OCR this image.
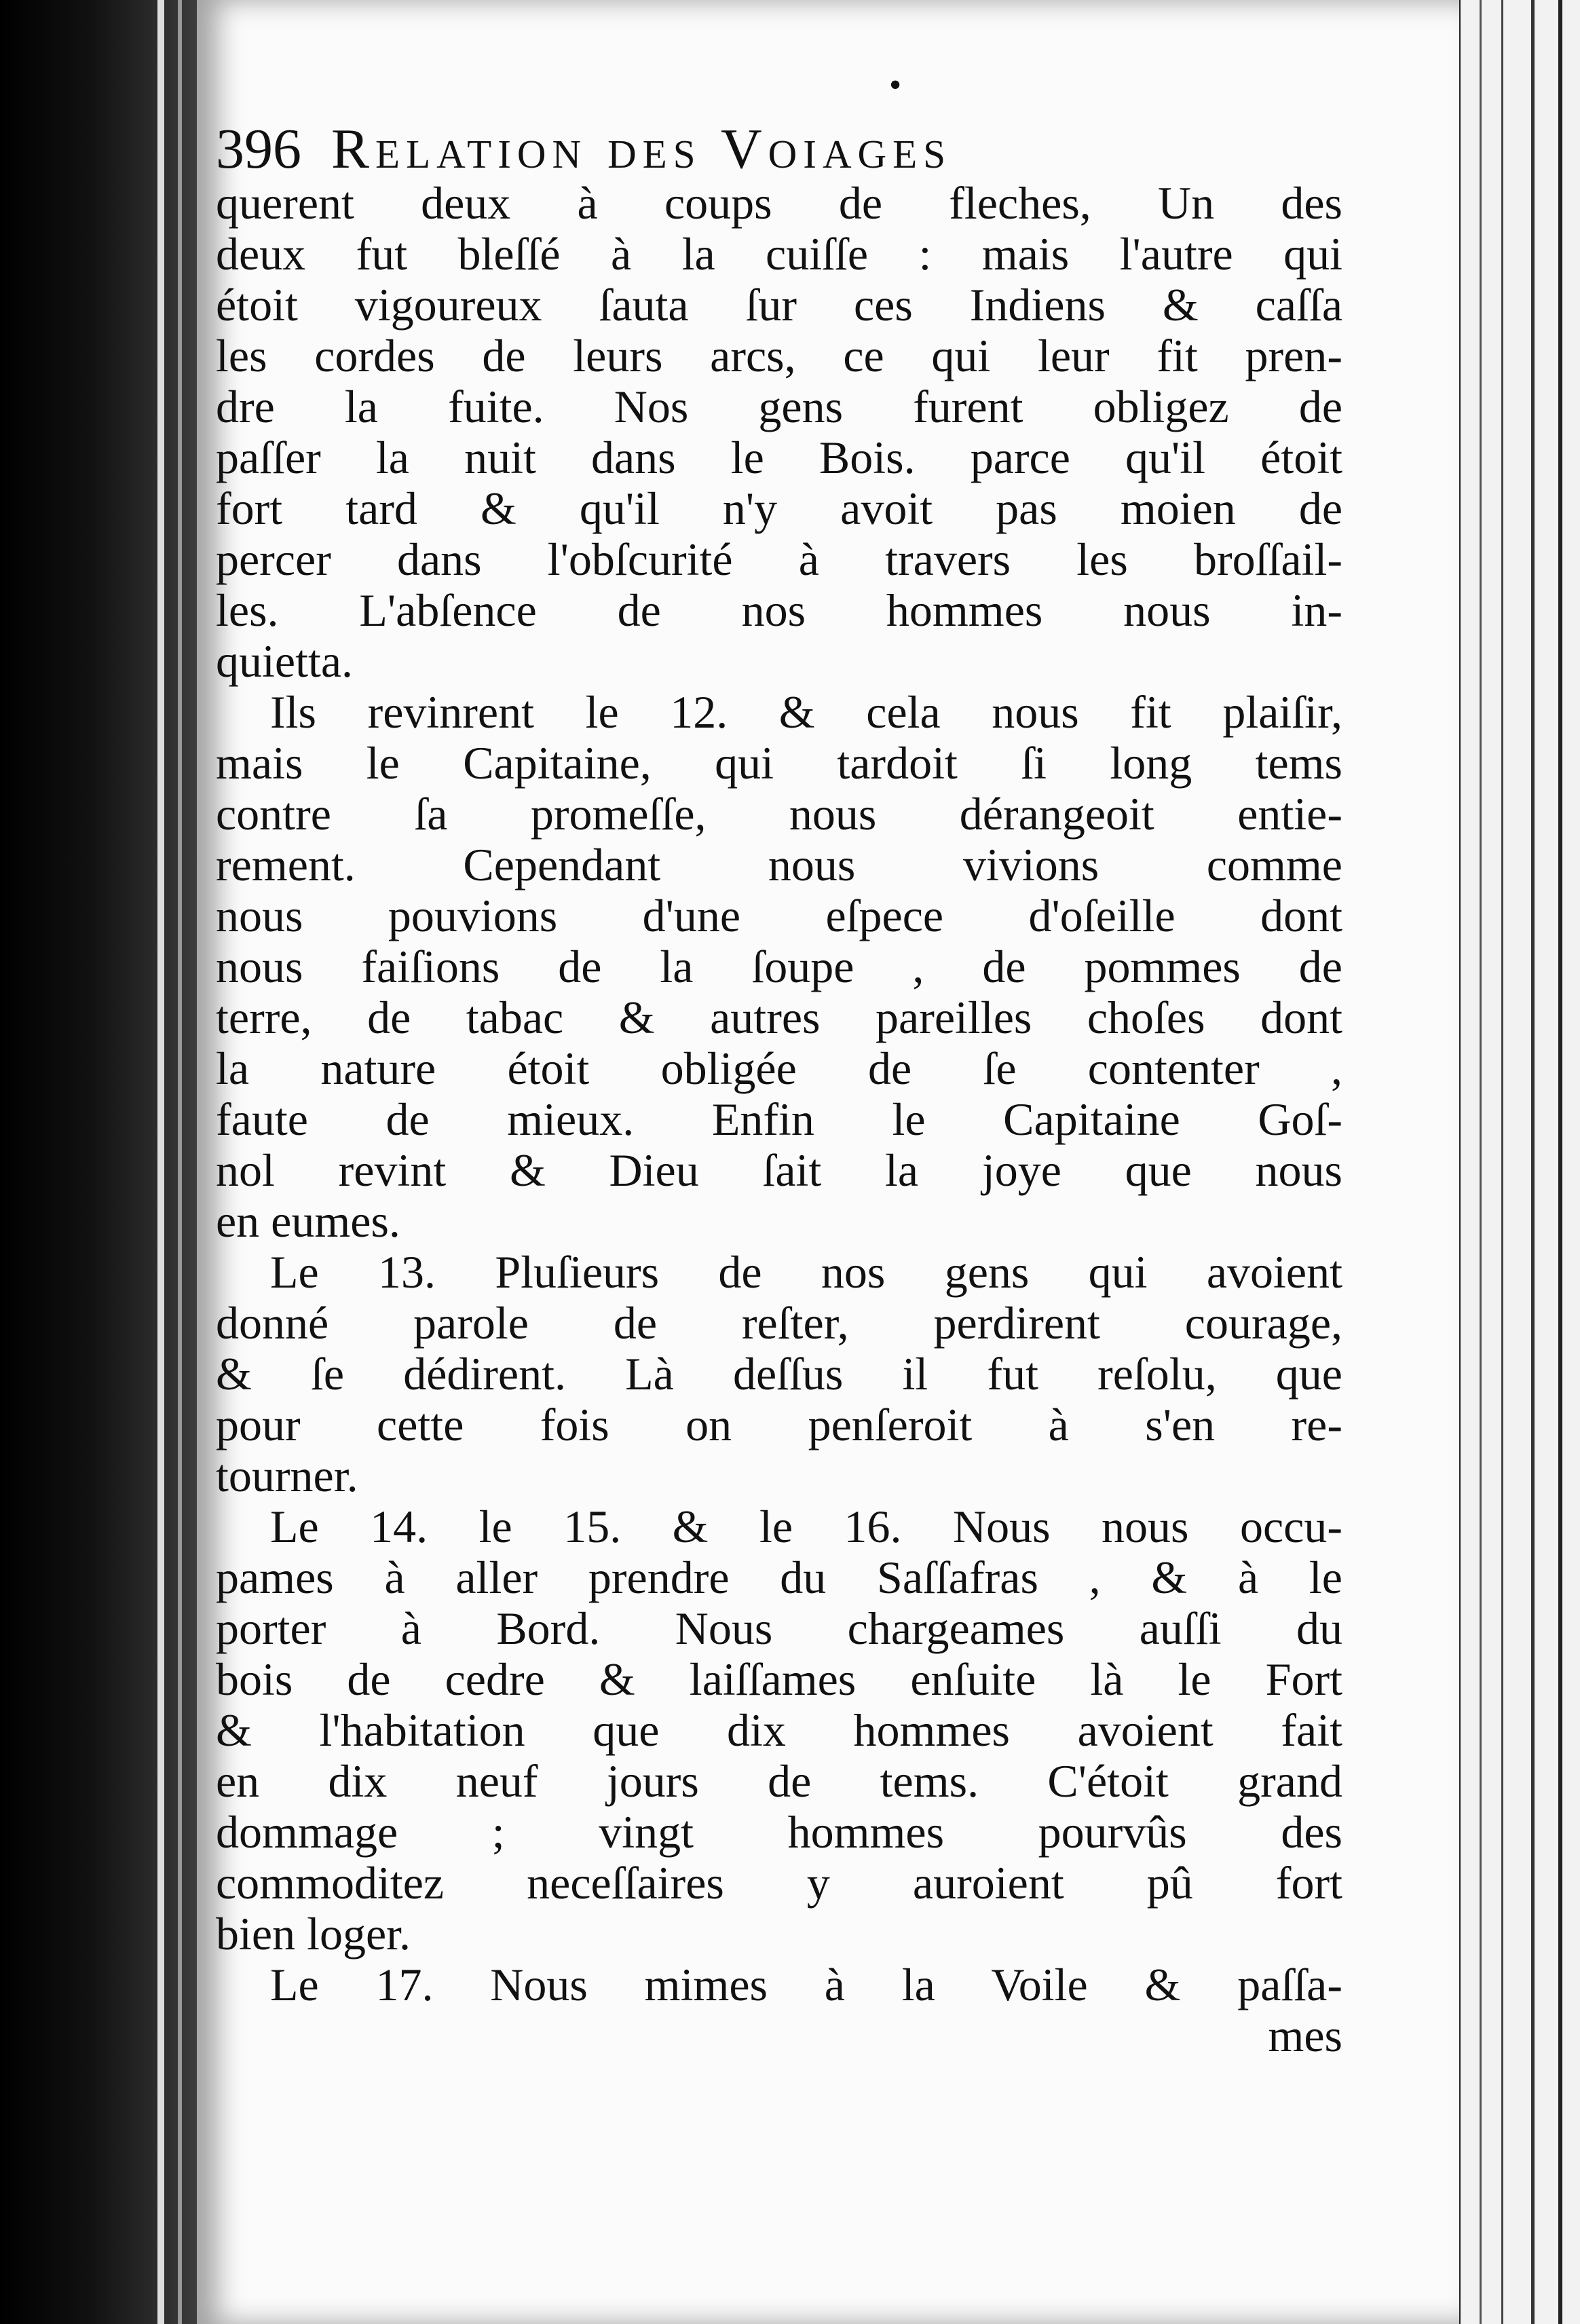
•
396 Relation des Voiages
querent deux à coups de fleches, Un des
deux fut bleſſé à la cuiſſe : mais l'autre qui
étoit vigoureux ſauta ſur ces Indiens & caſſa
les cordes de leurs arcs, ce qui leur fit pren-
dre la fuite. Nos gens furent obligez de
paſſer la nuit dans le Bois. parce qu'il étoit
fort tard & qu'il n'y avoit pas moien de
percer dans l'obſcurité à travers les broſſail-
les. L'abſence de nos hommes nous in-
quietta.
Ils revinrent le 12. & cela nous fit plaiſir,
mais le Capitaine, qui tardoit ſi long tems
contre ſa promeſſe, nous dérangeoit entie-
rement. Cependant nous vivions comme
nous pouvions d'une eſpece d'oſeille dont
nous faiſions de la ſoupe , de pommes de
terre, de tabac & autres pareilles choſes dont
la nature étoit obligée de ſe contenter ,
faute de mieux. Enfin le Capitaine Goſ-
nol revint & Dieu ſait la joye que nous
en eumes.
Le 13. Pluſieurs de nos gens qui avoient
donné parole de reſter, perdirent courage,
& ſe dédirent. Là deſſus il fut reſolu, que
pour cette fois on penſeroit à s'en re-
tourner.
Le 14. le 15. & le 16. Nous nous occu-
pames à aller prendre du Saſſafras , & à le
porter à Bord. Nous chargeames auſſi du
bois de cedre & laiſſames enſuite là le Fort
& l'habitation que dix hommes avoient fait
en dix neuf jours de tems. C'étoit grand
dommage ; vingt hommes pourvûs des
commoditez neceſſaires y auroient pû fort
bien loger.
Le 17. Nous mimes à la Voile & paſſa-
mes
